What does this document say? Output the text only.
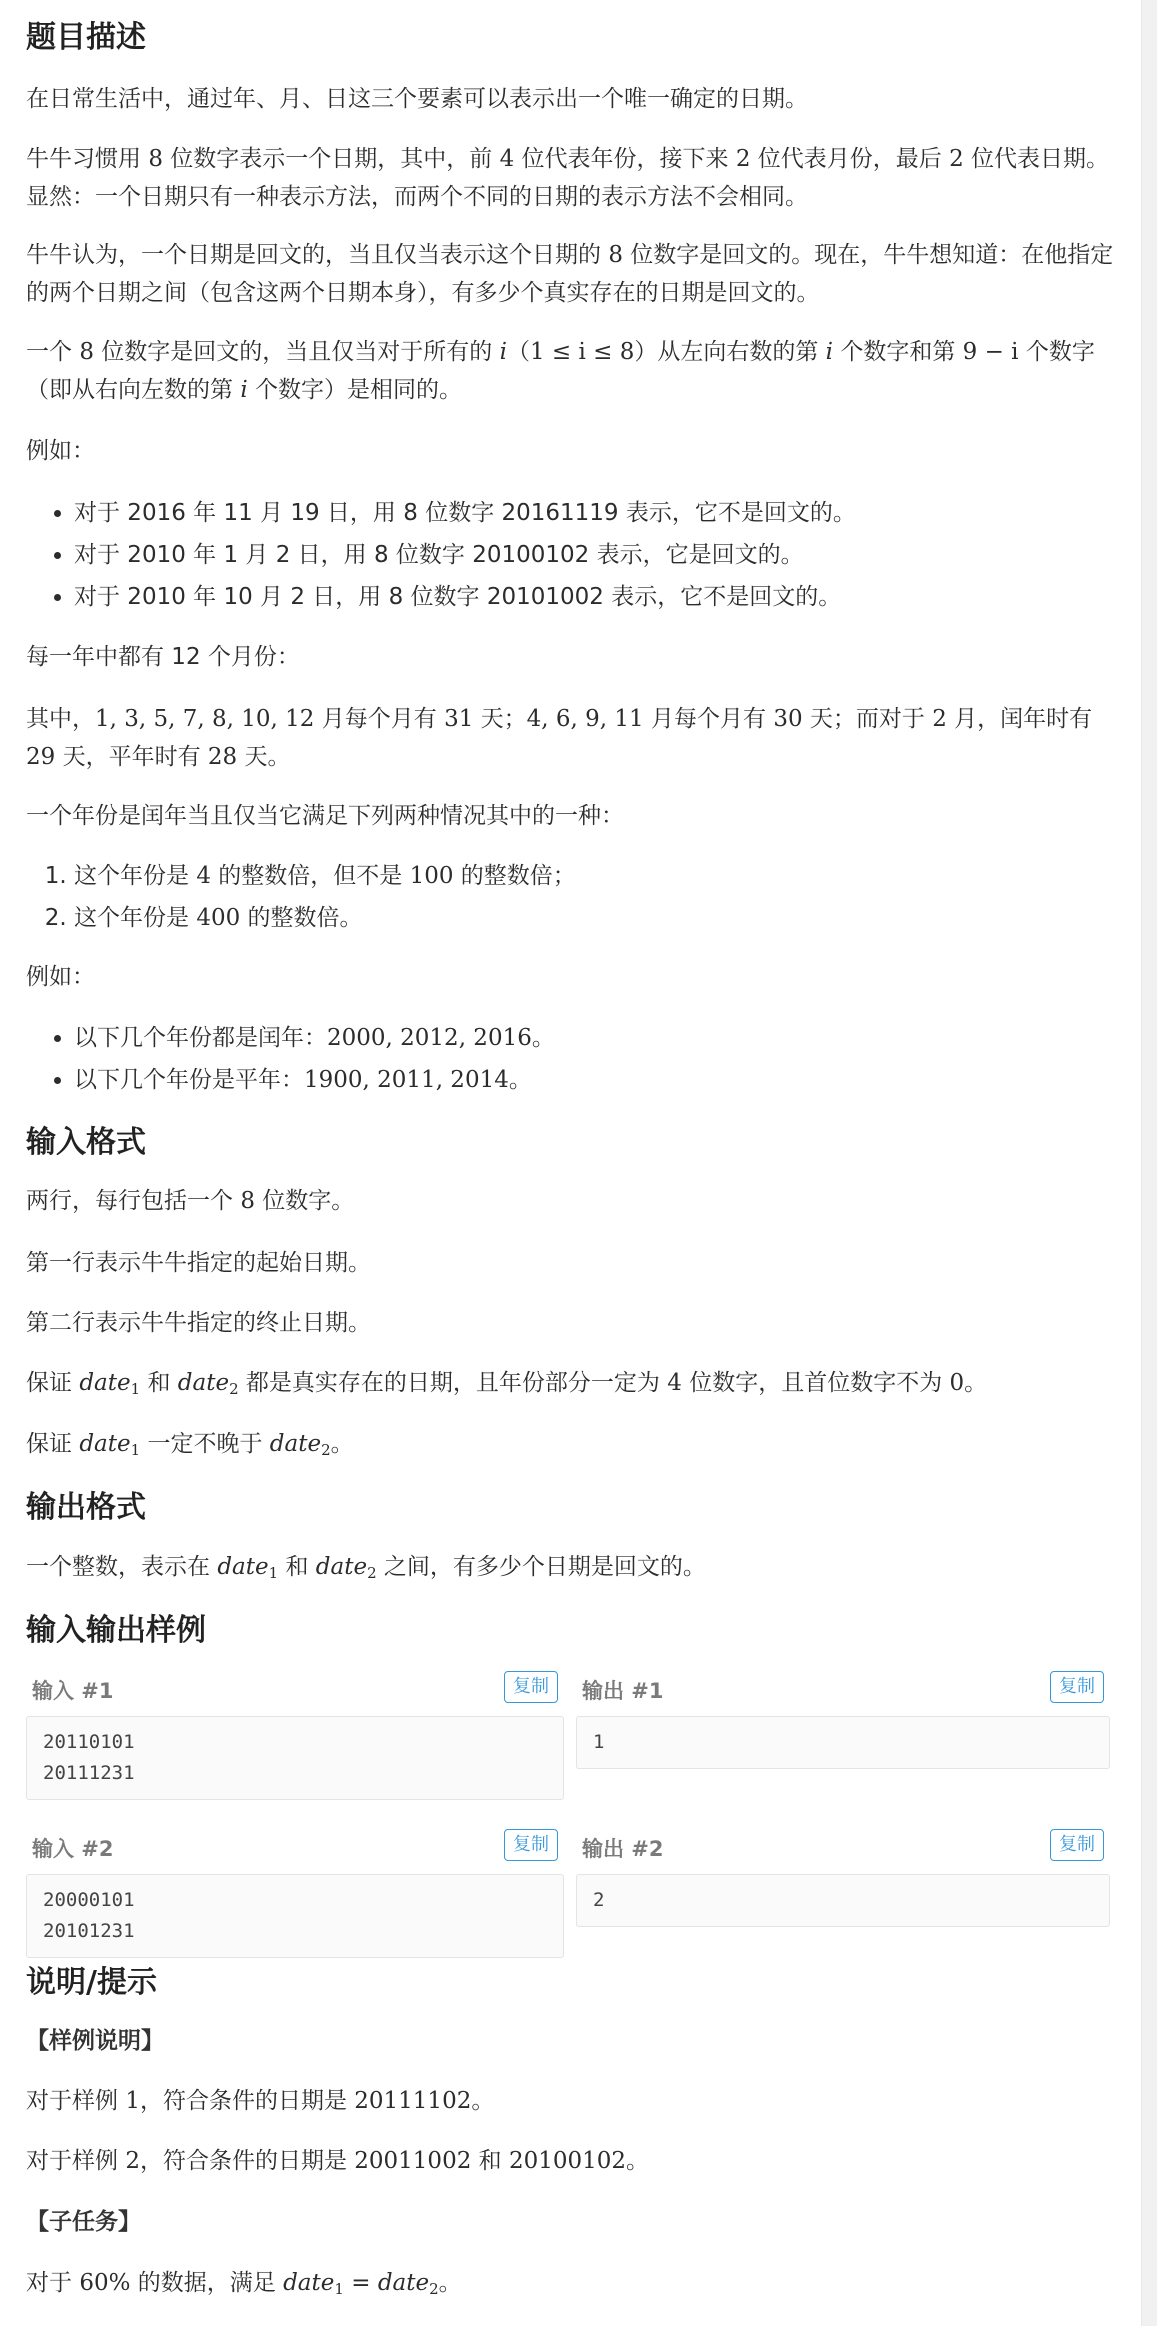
题目描述

在日常生活中，通过年、月、日这三个要素可以表示出一个唯一确定的日期。

牛牛习惯用 8 位数字表示一个日期，其中，前 4 位代表年份，接下来 2 位代表月份，最后 2 位代表日期。显然：一个日期只有一种表示方法，而两个不同的日期的表示方法不会相同。

牛牛认为，一个日期是回文的，当且仅当表示这个日期的 8 位数字是回文的。现在，牛牛想知道：在他指定的两个日期之间（包含这两个日期本身），有多少个真实存在的日期是回文的。

一个 8 位数字是回文的，当且仅当对于所有的 i（1 ≤ i ≤ 8）从左向右数的第 i 个数字和第 9 − i 个数字（即从右向左数的第 i 个数字）是相同的。

例如：

• 对于 2016 年 11 月 19 日，用 8 位数字 20161119 表示，它不是回文的。
• 对于 2010 年 1 月 2 日，用 8 位数字 20100102 表示，它是回文的。
• 对于 2010 年 10 月 2 日，用 8 位数字 20101002 表示，它不是回文的。

每一年中都有 12 个月份：

其中，1, 3, 5, 7, 8, 10, 12 月每个月有 31 天；4, 6, 9, 11 月每个月有 30 天；而对于 2 月，闰年时有 29 天，平年时有 28 天。

一个年份是闰年当且仅当它满足下列两种情况其中的一种：

1. 这个年份是 4 的整数倍，但不是 100 的整数倍；
2. 这个年份是 400 的整数倍。

例如：

• 以下几个年份都是闰年：2000, 2012, 2016。
• 以下几个年份是平年：1900, 2011, 2014。
输入格式

两行，每行包括一个 8 位数字。

第一行表示牛牛指定的起始日期。

第二行表示牛牛指定的终止日期。

保证 date$_1$ 和 date$_2$ 都是真实存在的日期，且年份部分一定为 4 位数字，且首位数字不为 0。

保证 date$_1$ 一定不晚于 date$_2$。

输出格式

一个整数，表示在 date$_1$ 和 date$_2$ 之间，有多少个日期是回文的。

输入输出样例
输入 #1	复制
20110101
20111231
输出 #1	复制
1
输入 #2	复制
20000101
20101231
输出 #2	复制
2
说明/提示

【样例说明】

对于样例 1，符合条件的日期是 20111102。

对于样例 2，符合条件的日期是 20011002 和 20100102。

【子任务】

对于 60% 的数据，满足 date$_1$ = date$_2$。
